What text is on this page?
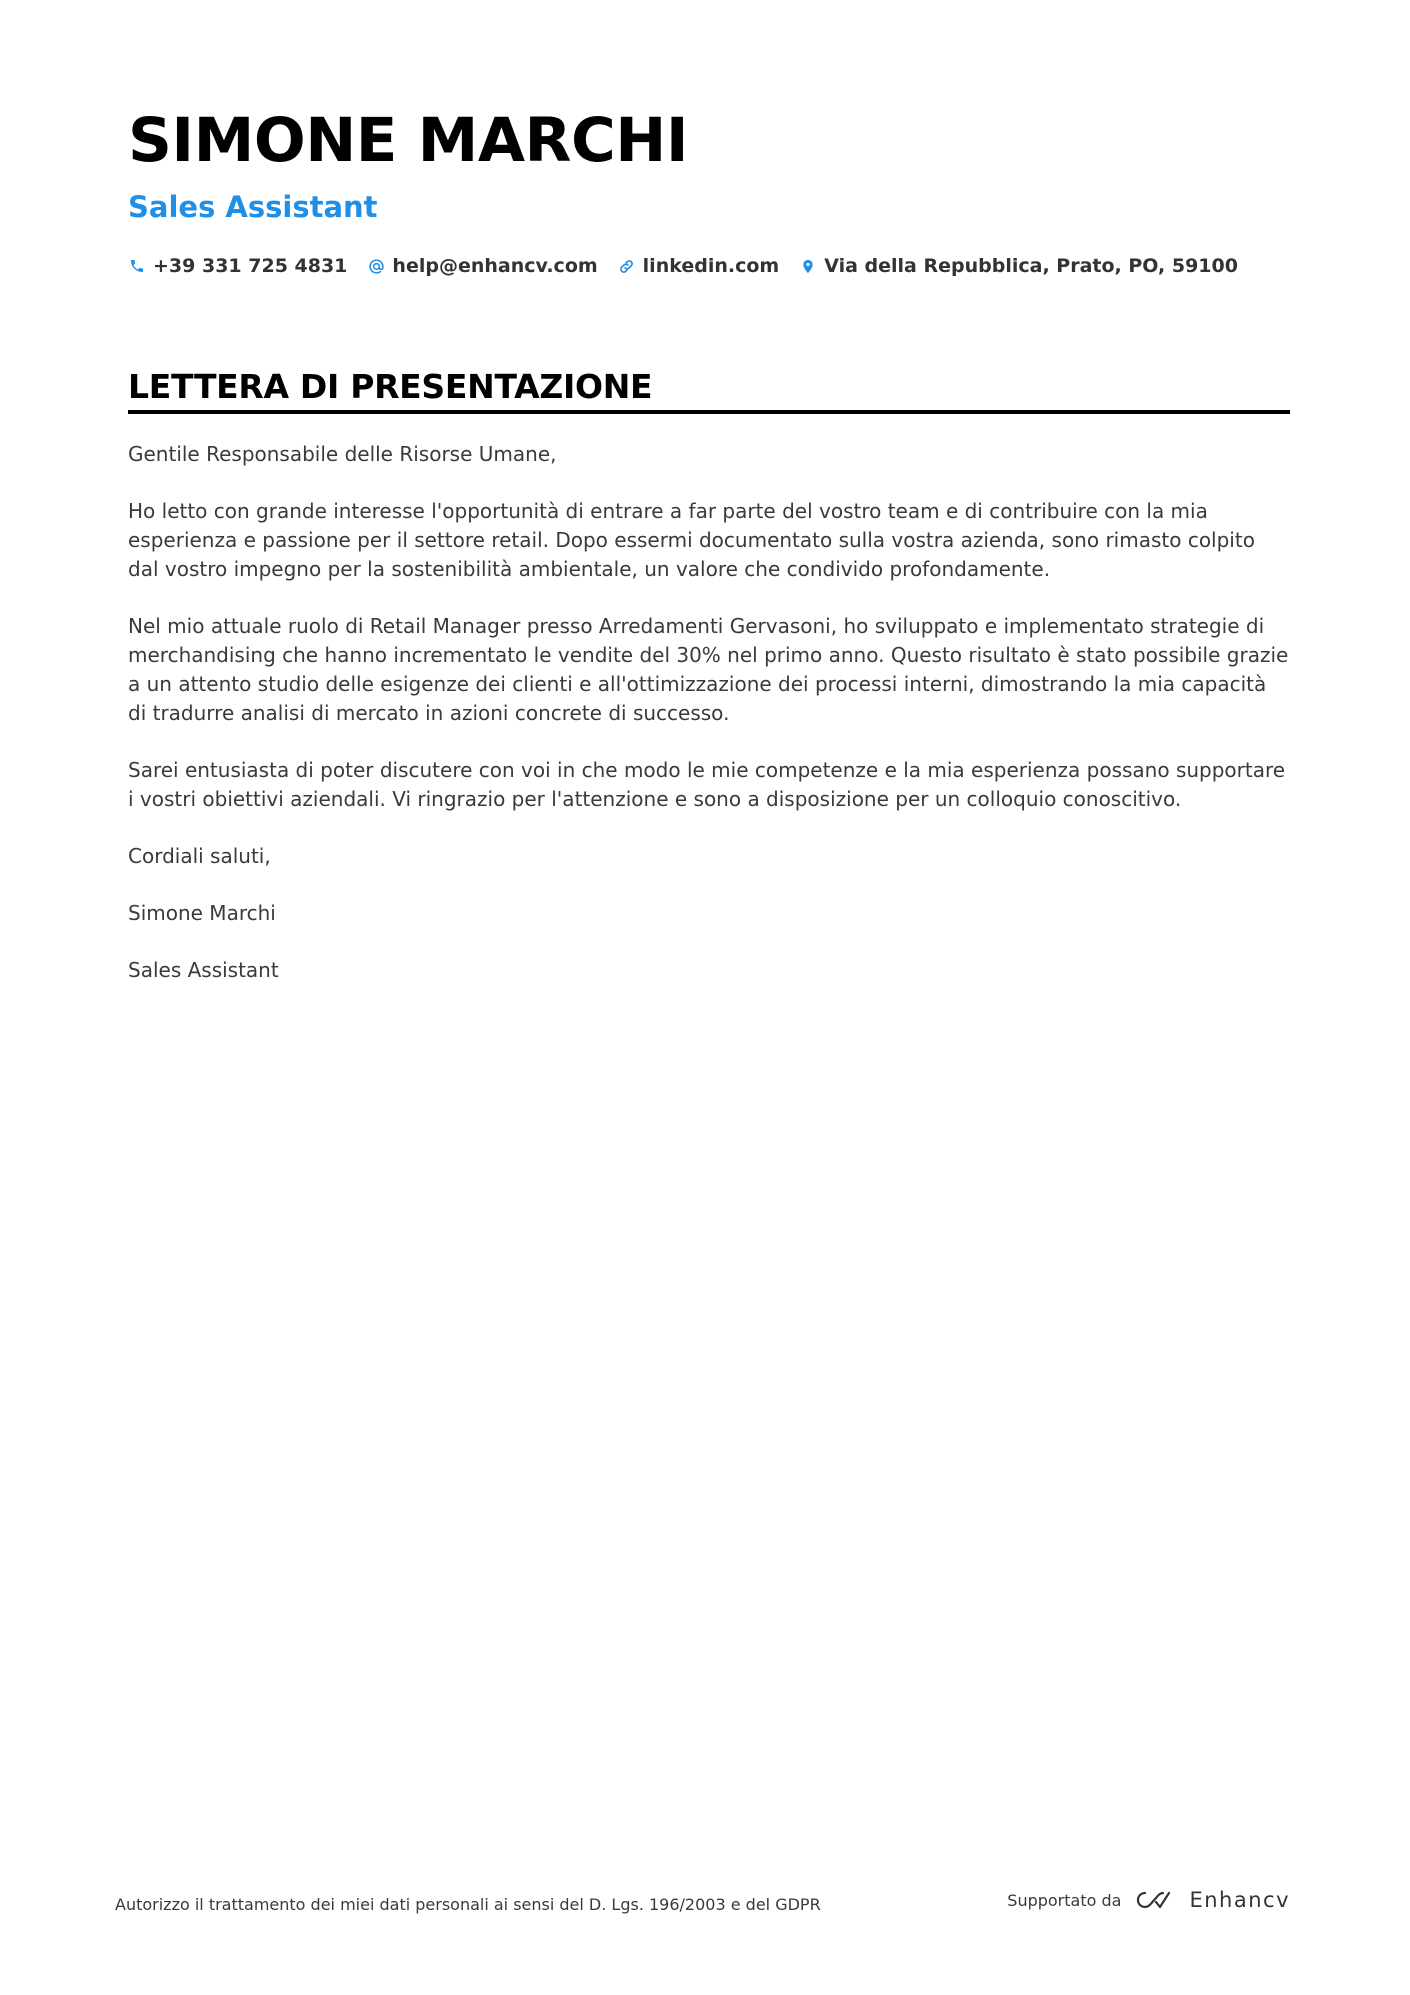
SIMONE MARCHI
Sales Assistant
+39 331 725 4831 help@enhancv.com linkedin.com Via della Repubblica, Prato, PO, 59100
LETTERA DI PRESENTAZIONE

Gentile Responsabile delle Risorse Umane,

Ho letto con grande interesse l'opportunità di entrare a far parte del vostro team e di contribuire con la mia esperienza e passione per il settore retail. Dopo essermi documentato sulla vostra azienda, sono rimasto colpito dal vostro impegno per la sostenibilità ambientale, un valore che condivido profondamente.

Nel mio attuale ruolo di Retail Manager presso Arredamenti Gervasoni, ho sviluppato e implementato strategie di merchandising che hanno incrementato le vendite del 30% nel primo anno. Questo risultato è stato possibile grazie a un attento studio delle esigenze dei clienti e all'ottimizzazione dei processi interni, dimostrando la mia capacità di tradurre analisi di mercato in azioni concrete di successo.

Sarei entusiasta di poter discutere con voi in che modo le mie competenze e la mia esperienza possano supportare i vostri obiettivi aziendali. Vi ringrazio per l'attenzione e sono a disposizione per un colloquio conoscitivo.

Cordiali saluti,

Simone Marchi

Sales Assistant

Autorizzo il trattamento dei miei dati personali ai sensi del D. Lgs. 196/2003 e del GDPR	Supportato da	Enhancv
